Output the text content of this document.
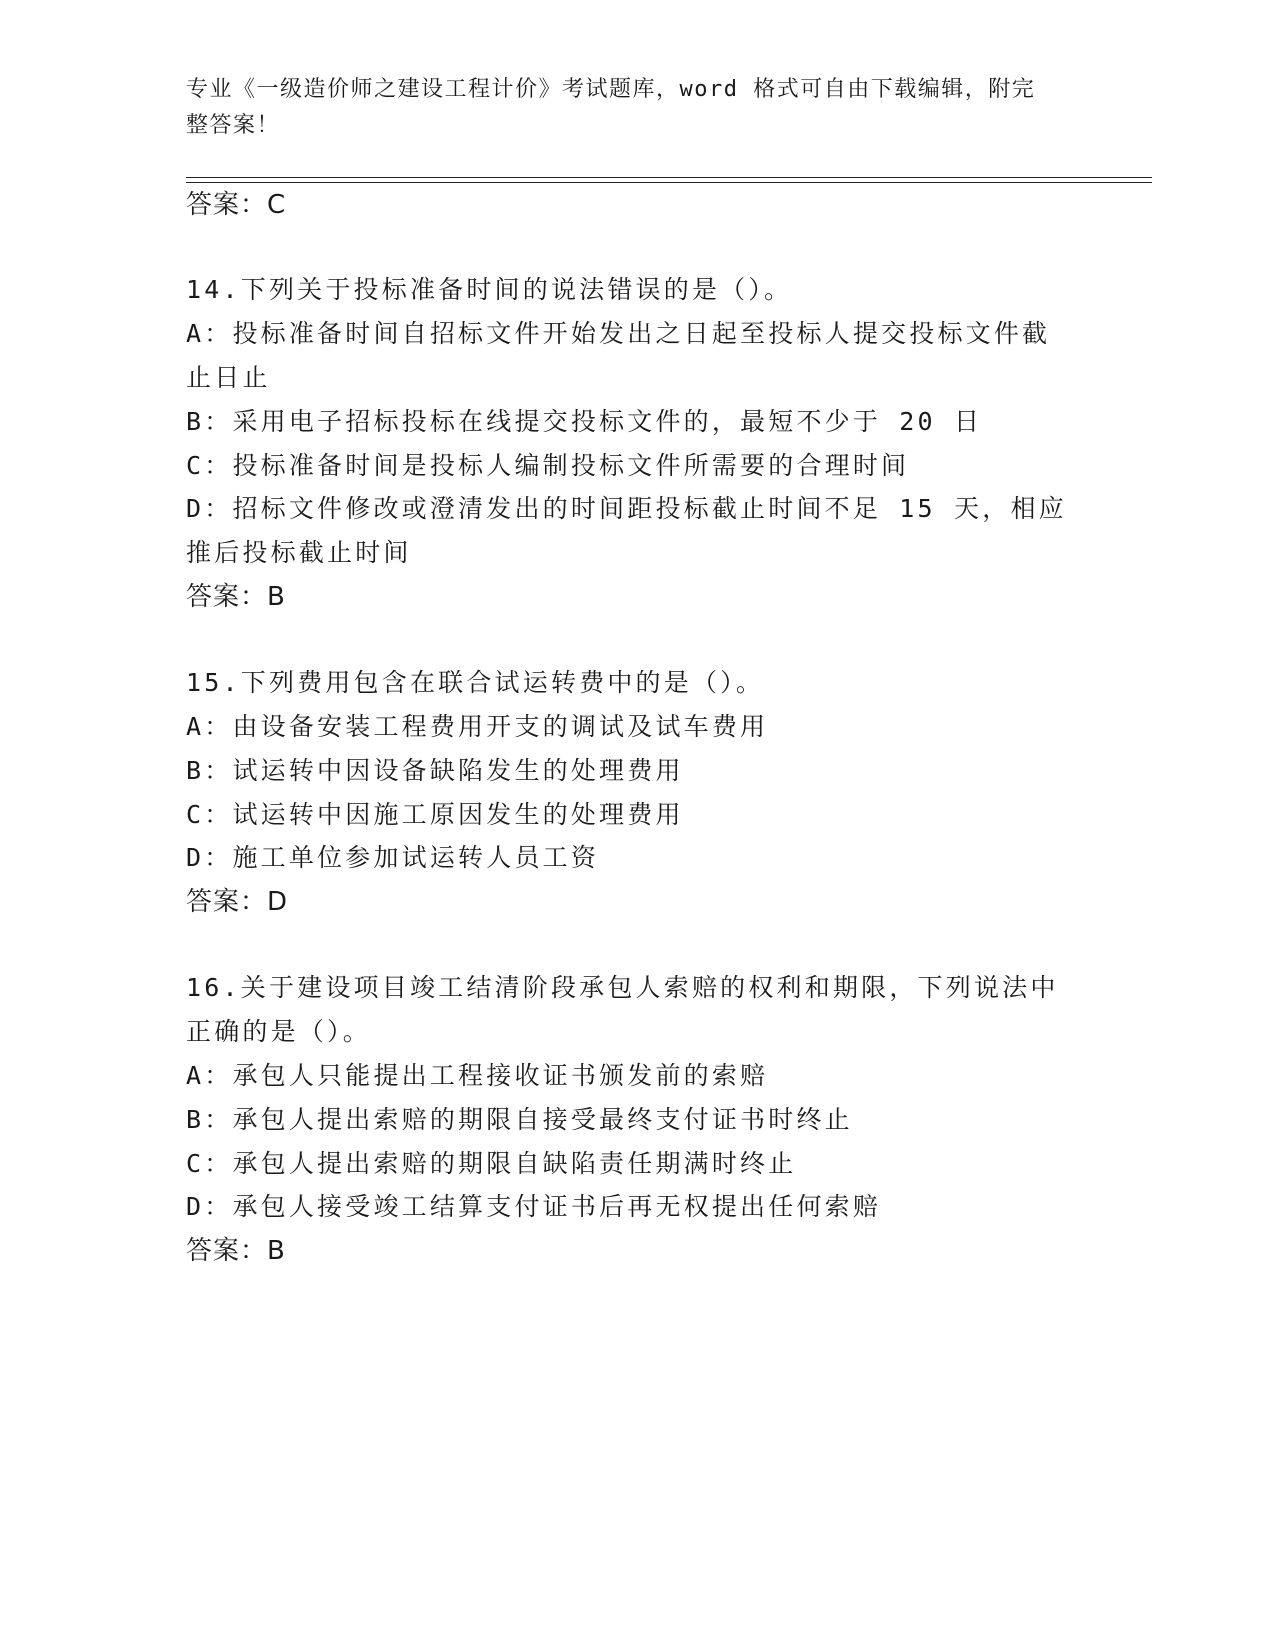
专业《一级造价师之建设工程计价》考试题库，word 格式可自由下载编辑，附完
整答案！
答案：C
14.下列关于投标准备时间的说法错误的是（）。
A：投标准备时间自招标文件开始发出之日起至投标人提交投标文件截
止日止
B：采用电子招标投标在线提交投标文件的，最短不少于 20 日
C：投标准备时间是投标人编制投标文件所需要的合理时间
D：招标文件修改或澄清发出的时间距投标截止时间不足 15 天，相应
推后投标截止时间
答案：B
15.下列费用包含在联合试运转费中的是（）。
A：由设备安装工程费用开支的调试及试车费用
B：试运转中因设备缺陷发生的处理费用
C：试运转中因施工原因发生的处理费用
D：施工单位参加试运转人员工资
答案：D
16.关于建设项目竣工结清阶段承包人索赔的权利和期限，下列说法中
正确的是（）。
A：承包人只能提出工程接收证书颁发前的索赔
B：承包人提出索赔的期限自接受最终支付证书时终止
C：承包人提出索赔的期限自缺陷责任期满时终止
D：承包人接受竣工结算支付证书后再无权提出任何索赔
答案：B
